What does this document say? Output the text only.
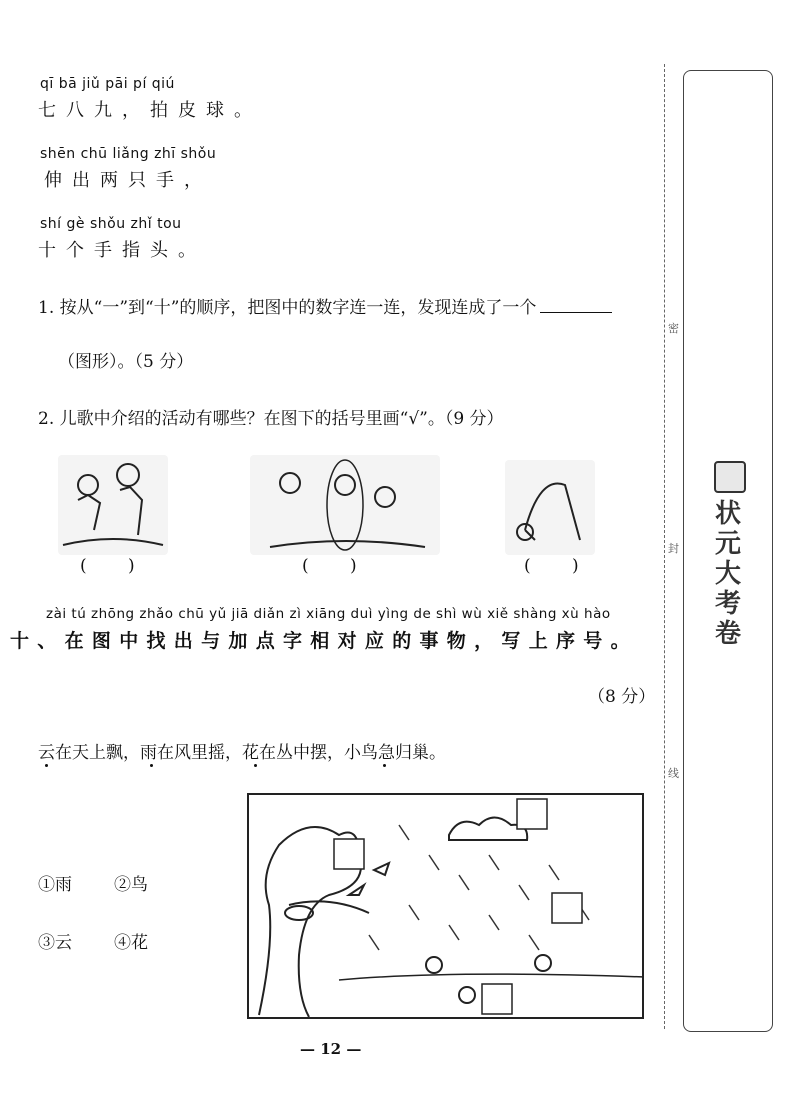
qī bā jiǔ pāi pí qiú
七八九，拍皮球。
shēn chū liǎng zhī shǒu
伸出两只手，
shí gè shǒu zhǐ tou
十个手指头。
1. 按从“一”到“十”的顺序，把图中的数字连一连，发现连成了一个
（图形）。（5 分）
2. 儿歌中介绍的活动有哪些？在图下的括号里画“√”。（9 分）
( )	( )	( )
zài tú zhōng zhǎo chū yǔ jiā diǎn zì xiāng duì yìng de shì wù xiě shàng xù hào
十、在图中找出与加点字相对应的事物，写上序号。
（8 分）
云在天上飘，雨在风里摇，花在丛中摆，小鸟急归巢。
①雨 ②鸟
③云 ④花
— 12 —
密
封
线
状元大考卷
